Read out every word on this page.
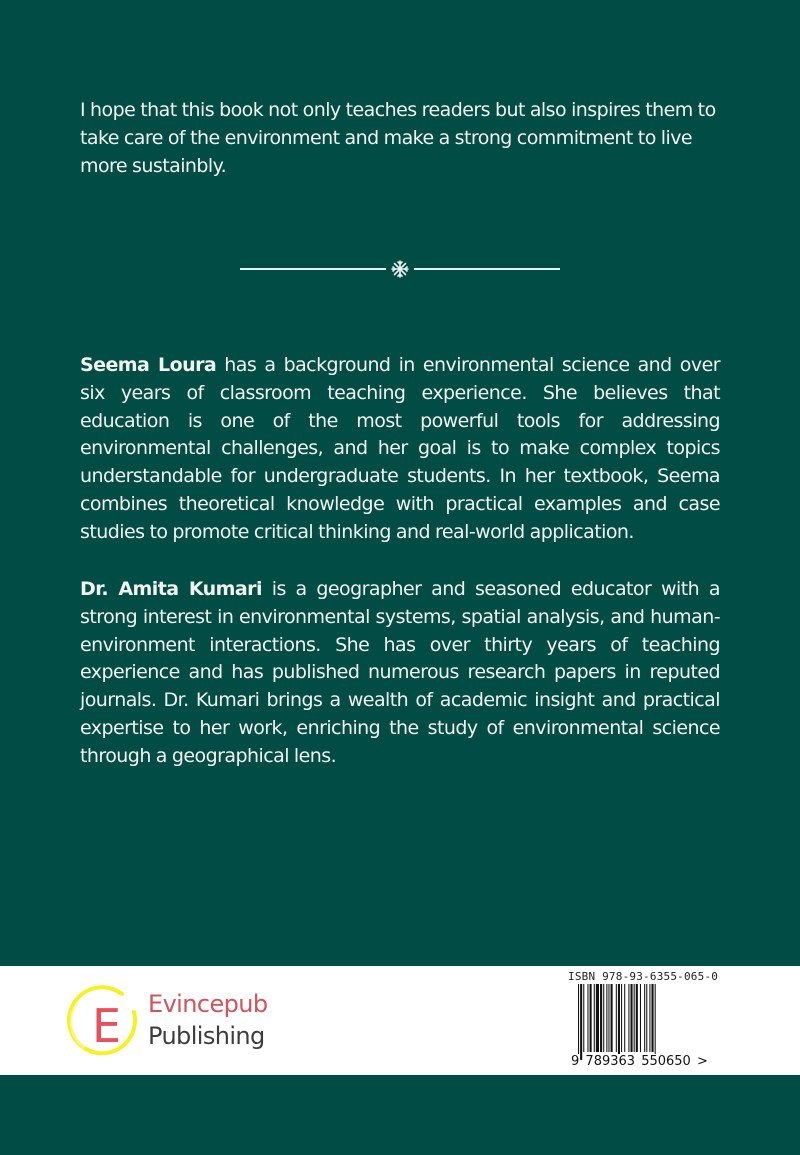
I hope that this book not only teaches readers but also inspires them to take care of the environment and make a strong commitment to live more sustainbly.

Seema Loura has a background in environmental science and over six years of classroom teaching experience. She believes that education is one of the most powerful tools for addressing environmental challenges, and her goal is to make complex topics understandable for undergraduate students. In her textbook, Seema combines theoretical knowledge with practical examples and case studies to promote critical thinking and real-world application.

Dr. Amita Kumari is a geographer and seasoned educator with a strong interest in environmental systems, spatial analysis, and human-environment interactions. She has over thirty years of teaching experience and has published numerous research papers in reputed journals. Dr. Kumari brings a wealth of academic insight and practical expertise to her work, enriching the study of environmental science through a geographical lens.

E Evincepub
Publishing
ISBN 978-93-6355-065-0
9 789363 550650 >
